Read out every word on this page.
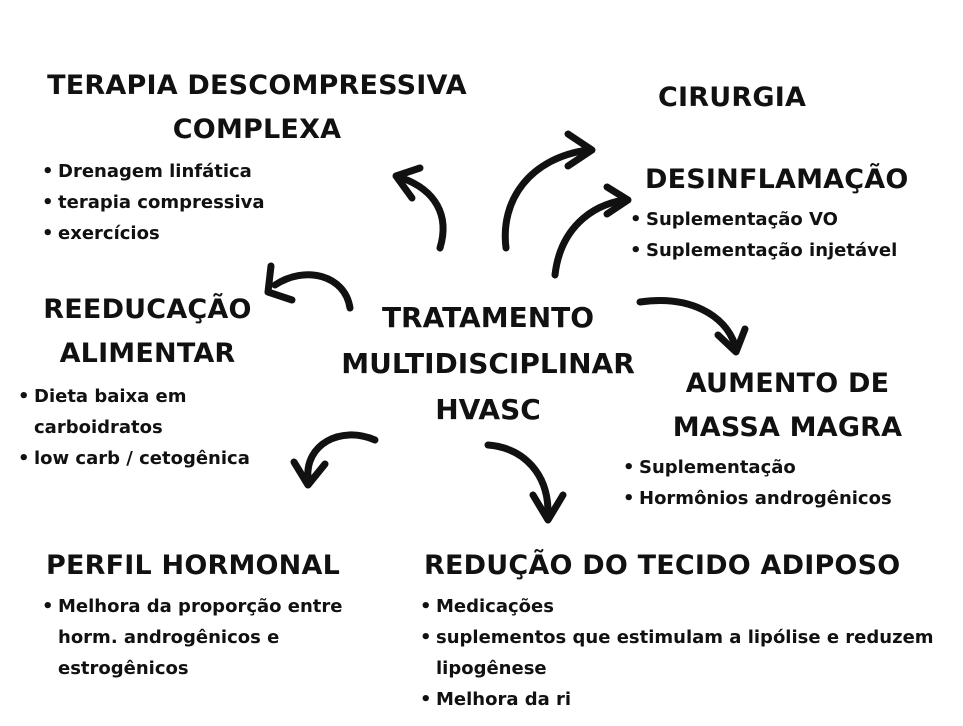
TRATAMENTO
MULTIDISCIPLINAR
HVASC
TERAPIA DESCOMPRESSIVA
COMPLEXA
• Drenagem linfática
• terapia compressiva
• exercícios
CIRURGIA
DESINFLAMAÇÃO
• Suplementação VO
• Suplementação injetável
REEDUCAÇÃO
ALIMENTAR
• Dieta baixa em
carboidratos
• low carb / cetogênica
AUMENTO DE
MASSA MAGRA
• Suplementação
• Hormônios androgênicos
PERFIL HORMONAL
• Melhora da proporção entre
horm. androgênicos e
estrogênicos
REDUÇÃO DO TECIDO ADIPOSO
• Medicações
• suplementos que estimulam a lipólise e reduzem
lipogênese
• Melhora da ri
